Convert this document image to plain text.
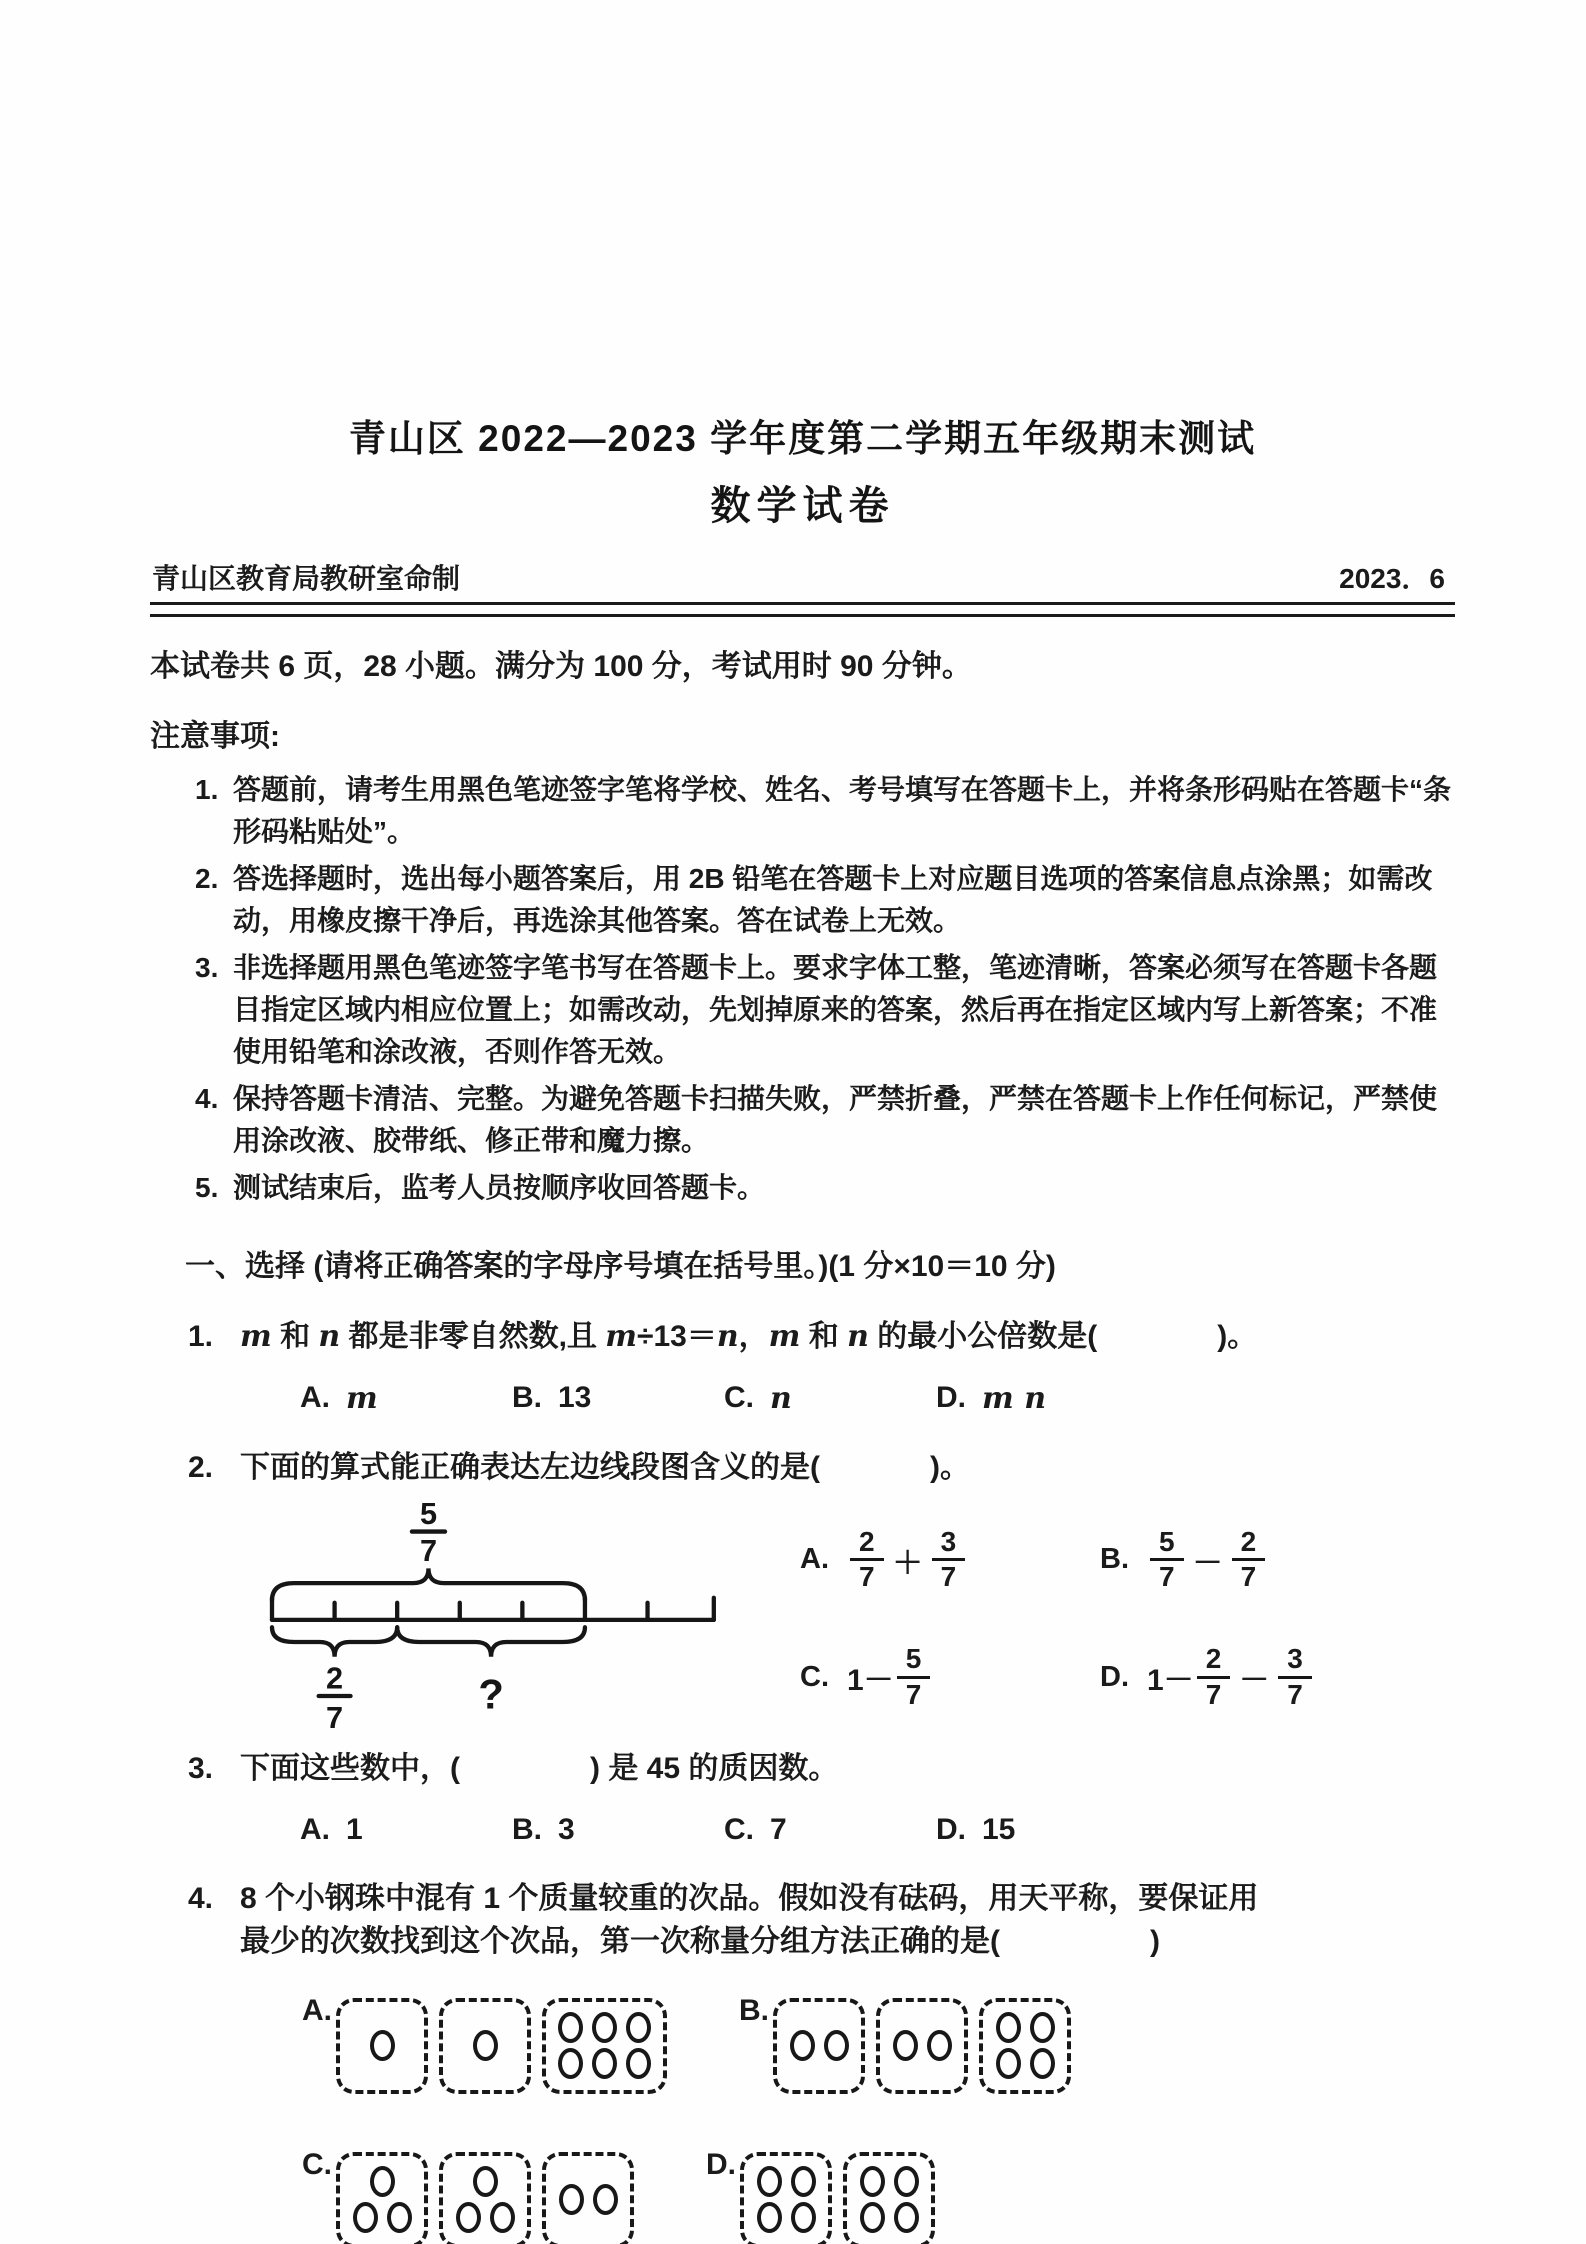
青山区 2022—2023 学年度第二学期五年级期末测试
数学试卷
青山区教育局教研室命制	2023．6

本试卷共 6 页，28 小题。满分为 100 分，考试用时 90 分钟。

注意事项:

1. 答题前，请考生用黑色笔迹签字笔将学校、姓名、考号填写在答题卡上，并将条形码贴在答题卡“条形码粘贴处”。
2. 答选择题时，选出每小题答案后，用 2B 铅笔在答题卡上对应题目选项的答案信息点涂黑；如需改动，用橡皮擦干净后，再选涂其他答案。答在试卷上无效。
3. 非选择题用黑色笔迹签字笔书写在答题卡上。要求字体工整，笔迹清晰，答案必须写在答题卡各题目指定区域内相应位置上；如需改动，先划掉原来的答案，然后再在指定区域内写上新答案；不准使用铅笔和涂改液，否则作答无效。
4. 保持答题卡清洁、完整。为避免答题卡扫描失败，严禁折叠，严禁在答题卡上作任何标记，严禁使用涂改液、胶带纸、修正带和魔力擦。
5. 测试结束后，监考人员按顺序收回答题卡。

一、选择 (请将正确答案的字母序号填在括号里。)(1 分×10＝10 分)

1. m 和 n 都是非零自然数,且 m÷13＝n，m 和 n 的最小公倍数是(	)。
A. m	B. 13	C. n	D. m n
2. 下面的算式能正确表达左边线段图含义的是(	)。
5
7
2
7
?
A. $\frac{2}{7} + \frac{3}{7}$	B. $\frac{5}{7} - \frac{2}{7}$
C. $1- \frac{5}{7}$	D. $1- \frac{2}{7} - \frac{3}{7}$
3. 下面这些数中，(	) 是 45 的质因数。
A. 1	B. 3	C. 7	D. 15
4. 8 个小钢珠中混有 1 个质量较重的次品。假如没有砝码，用天平称，要保证用
最少的次数找到这个次品，第一次称量分组方法正确的是(	)
A.	B.
C.	D.
